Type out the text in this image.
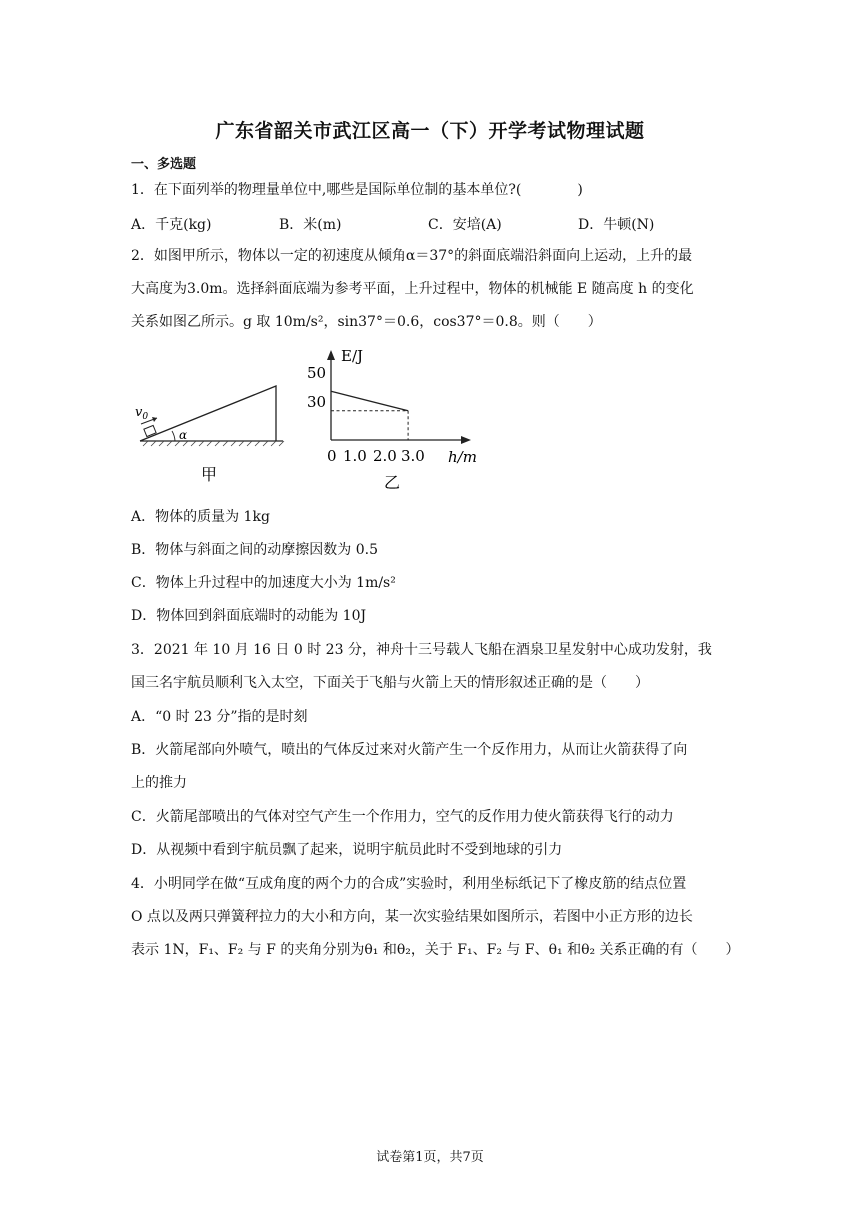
广东省韶关市武江区高一（下）开学考试物理试题
一、多选题
1．在下面列举的物理量单位中,哪些是国际单位制的基本单位?(　　　　)
A．千克(kg)	B．米(m)	C．安培(A)	D．牛顿(N)
2．如图甲所示，物体以一定的初速度从倾角α＝37°的斜面底端沿斜面向上运动，上升的最
大高度为3.0m。选择斜面底端为参考平面，上升过程中，物体的机械能 E 随高度 h 的变化
关系如图乙所示。g 取 10m/s²，sin37°＝0.6，cos37°＝0.8。则（　　）
$v_0$
α
甲
E/J
50
30
0 1.0 2.0 3.0 h/m
乙
A．物体的质量为 1kg
B．物体与斜面之间的动摩擦因数为 0.5
C．物体上升过程中的加速度大小为 1m/s²
D．物体回到斜面底端时的动能为 10J
3．2021 年 10 月 16 日 0 时 23 分，神舟十三号载人飞船在酒泉卫星发射中心成功发射，我
国三名宇航员顺利飞入太空，下面关于飞船与火箭上天的情形叙述正确的是（　　）
A．“0 时 23 分”指的是时刻
B．火箭尾部向外喷气，喷出的气体反过来对火箭产生一个反作用力，从而让火箭获得了向
上的推力
C．火箭尾部喷出的气体对空气产生一个作用力，空气的反作用力使火箭获得飞行的动力
D．从视频中看到宇航员飘了起来，说明宇航员此时不受到地球的引力
4．小明同学在做“互成角度的两个力的合成”实验时，利用坐标纸记下了橡皮筋的结点位置
O 点以及两只弹簧秤拉力的大小和方向，某一次实验结果如图所示，若图中小正方形的边长
表示 1N，F₁、F₂ 与 F 的夹角分别为θ₁ 和θ₂，关于 F₁、F₂ 与 F、θ₁ 和θ₂ 关系正确的有（　　）
试卷第1页，共7页
